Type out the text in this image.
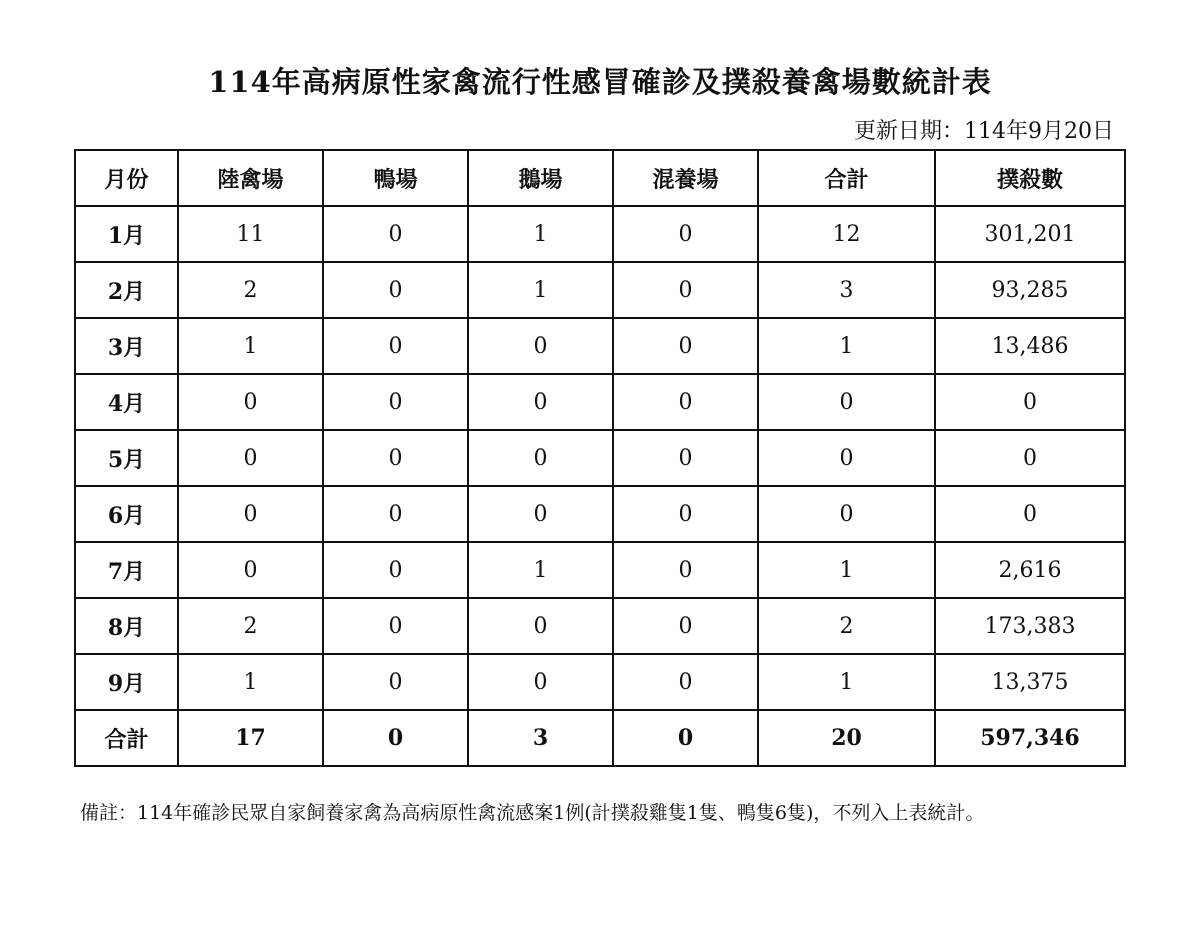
114年高病原性家禽流行性感冒確診及撲殺養禽場數統計表
更新日期：114年9月20日
月份	陸禽場	鴨場	鵝場	混養場	合計	撲殺數
1月	11	0	1	0	12	301,201
2月	2	0	1	0	3	93,285
3月	1	0	0	0	1	13,486
4月	0	0	0	0	0	0
5月	0	0	0	0	0	0
6月	0	0	0	0	0	0
7月	0	0	1	0	1	2,616
8月	2	0	0	0	2	173,383
9月	1	0	0	0	1	13,375
合計	17	0	3	0	20	597,346
備註：114年確診民眾自家飼養家禽為高病原性禽流感案1例(計撲殺雞隻1隻、鴨隻6隻)，不列入上表統計。
